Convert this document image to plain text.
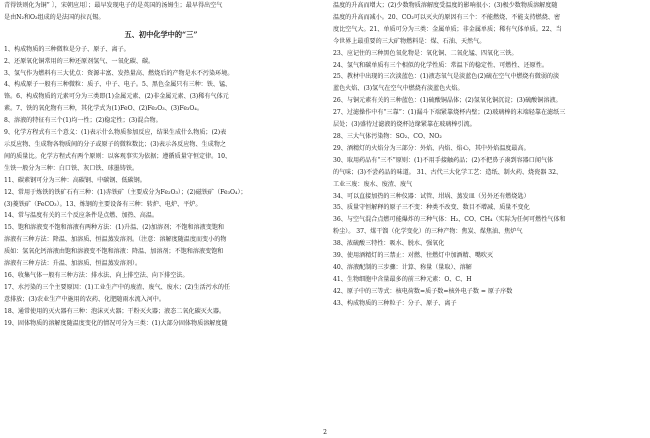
青得铁则化为铜” 〕，宋朝应用〕；最早发现电子的是英国的汤姆生；最早得出空气
是由N₂和O₂组成的是法国的拉瓦锡。
五、初中化学中的“三”
1、构成物质的三种微粒是分子、原子、离子。
2、还原氧化铜常用的三种还原剂氢气、一氧化碳、碳。
3、氢气作为燃料有三大优点：资源丰富、发热量高、燃烧后的产物是水不污染环境。
4、构成原子一般有三种微粒：质子、中子、电子。5、黑色金属只有三种：铁、锰、
铬。6、构成物质的元素可分为三类即(1)金属元素、(2)非金属元素、(3)稀有气体元
素。7、铁的氧化物有三种，其化学式为(1)FeO、(2)Fe₂O₃、(3)Fe₃O₄。
8、溶液的特征有三个(1)均一性；(2)稳定性；(3)混合物。
9、化学方程式有三个意义：(1)表示什么物质参加反应，结果生成什么物质；(2)表
示反应物、生成物各物质间的分子或原子的微粒数比；(3)表示各反应物、生成物之
间的质量比。化学方程式有两个原则：以客观事实为依据；遵循质量守恒定律。10、
生铁一般分为三种：白口铁、灰口铁、球墨铸铁。
11、碳素钢可分为三种：高碳钢、中碳钢、低碳钢。
12、常用于炼铁的铁矿石有三种：(1)赤铁矿（主要成分为Fe₂O₃）；(2)磁铁矿（Fe₃O₄）；
(3)菱铁矿（FeCO₃）。13、炼钢的主要设备有三种：转炉、电炉、平炉。
14、常与温度有关的三个反应条件是点燃、加热、高温。
15、饱和溶液变不饱和溶液有两种方法：(1)升温、(2)加溶剂；不饱和溶液变饱和
溶液有三种方法：降温、加溶质、恒温蒸发溶剂。（注意：溶解度随温度而变小的物
质如：氢氧化钙溶液由饱和溶液变不饱和溶液：降温、加溶剂；不饱和溶液变饱和
溶液有三种方法：升温、加溶质、恒温蒸发溶剂）。
16、收集气体一般有三种方法：排水法、向上排空法、向下排空法。
17、水污染的三个主要原因：(1)工业生产中的废渣、废气、废水；(2)生活污水的任
意排放；(3)农业生产中施用的农药、化肥随雨水流入河中。
18、通常使用的灭火器有三种：泡沫灭火器；干粉灭火器；液态二氧化碳灭火器。
19、固体物质的溶解度随温度变化的情况可分为三类：(1)大部分固体物质溶解度随
温度的升高而增大；(2)少数物质溶解度受温度的影响很小；(3)极少数物质溶解度随
温度的升高而减小。20、CO₂可以灭火的原因有三个：不能燃烧、不能支持燃烧、密
度比空气大。21、单质可分为三类：金属单质；非金属单质；稀有气体单质。22、当
今世界上最重要的三大矿物燃料是：煤、石油、天然气。
23、应记住的三种黑色氧化物是：氧化铜、二氧化锰、四氧化三铁。
24、氢气和碳单质有三个相似的化学性质：常温下的稳定性、可燃性、还原性。
25、教材中出现的三次淡蓝色：(1)液态氧气是淡蓝色(2)硫在空气中燃烧有微弱的淡
蓝色火焰、(3)氢气在空气中燃烧有淡蓝色火焰。
26、与铜元素有关的三种蓝色：(1)硫酸铜晶体；(2)氢氧化铜沉淀；(3)硫酸铜溶液。
27、过滤操作中有“三靠”：(1)漏斗下端紧靠烧杯内壁；(2)玻璃棒的末端轻靠在滤纸三
层处；(3)盛待过滤液的烧杯边缘紧靠在玻璃棒引流。
28、三大气体污染物：SO₂、CO、NO₂
29、酒精灯的火焰分为三部分：外焰、内焰、焰心，其中外焰温度最高。
30、取用药品有“三不”原则：(1)不用手接触药品；(2)不把鼻子凑到容器口闻气体
的气味；(3)不尝药品的味道。 31、古代三大化学工艺：造纸、制火药、烧瓷器 32、
工业三废：废水、废渣、废气
34、可以直接加热的三种仪器：试管、坩埚、蒸发皿（另外还有燃烧匙）
35、质量守恒解释的原子三不变：种类不改变、数目不增减、质量不变化
36、与空气混合点燃可能爆炸的三种气体：H₂、CO、CH₄（实际为任何可燃性气体和
粉尘）。 37、煤干馏（化学变化）的三种产物：焦炭、煤焦油、焦炉气
38、浓硫酸三特性：吸水、脱水、强氧化
39、使用酒精灯的三禁止：对燃、往燃灯中加酒精、嘴吹灭
40、溶液配制的三步骤：计算、称量（量取）、溶解
41、生物细胞中含量最多的前三种元素：O、C、H
42、原子中的三等式：核电荷数=质子数=核外电子数 = 原子序数
43、构成物质的三种粒子：分子、原子、离子
2
